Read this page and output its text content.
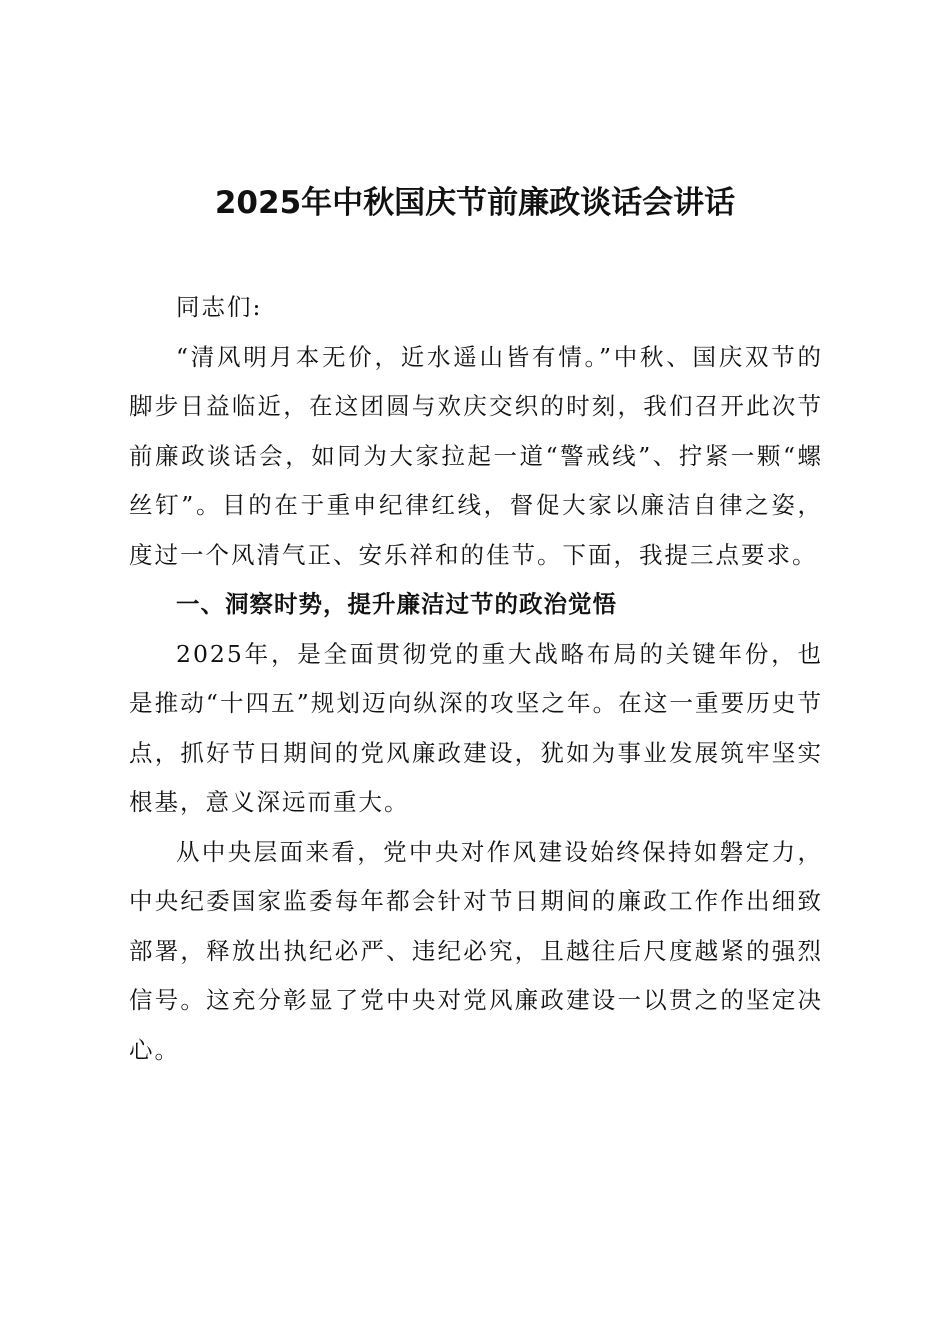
2025年中秋国庆节前廉政谈话会讲话

同志们:

“清风明月本无价，近水遥山皆有情。”中秋、国庆双节的脚步日益临近，在这团圆与欢庆交织的时刻，我们召开此次节前廉政谈话会，如同为大家拉起一道“警戒线”、拧紧一颗“螺丝钉”。目的在于重申纪律红线，督促大家以廉洁自律之姿，度过一个风清气正、安乐祥和的佳节。下面，我提三点要求。

一、洞察时势，提升廉洁过节的政治觉悟

2025年，是全面贯彻党的重大战略布局的关键年份，也是推动“十四五”规划迈向纵深的攻坚之年。在这一重要历史节点，抓好节日期间的党风廉政建设，犹如为事业发展筑牢坚实根基，意义深远而重大。

从中央层面来看，党中央对作风建设始终保持如磐定力，中央纪委国家监委每年都会针对节日期间的廉政工作作出细致部署，释放出执纪必严、违纪必究，且越往后尺度越紧的强烈信号。这充分彰显了党中央对党风廉政建设一以贯之的坚定决心。
